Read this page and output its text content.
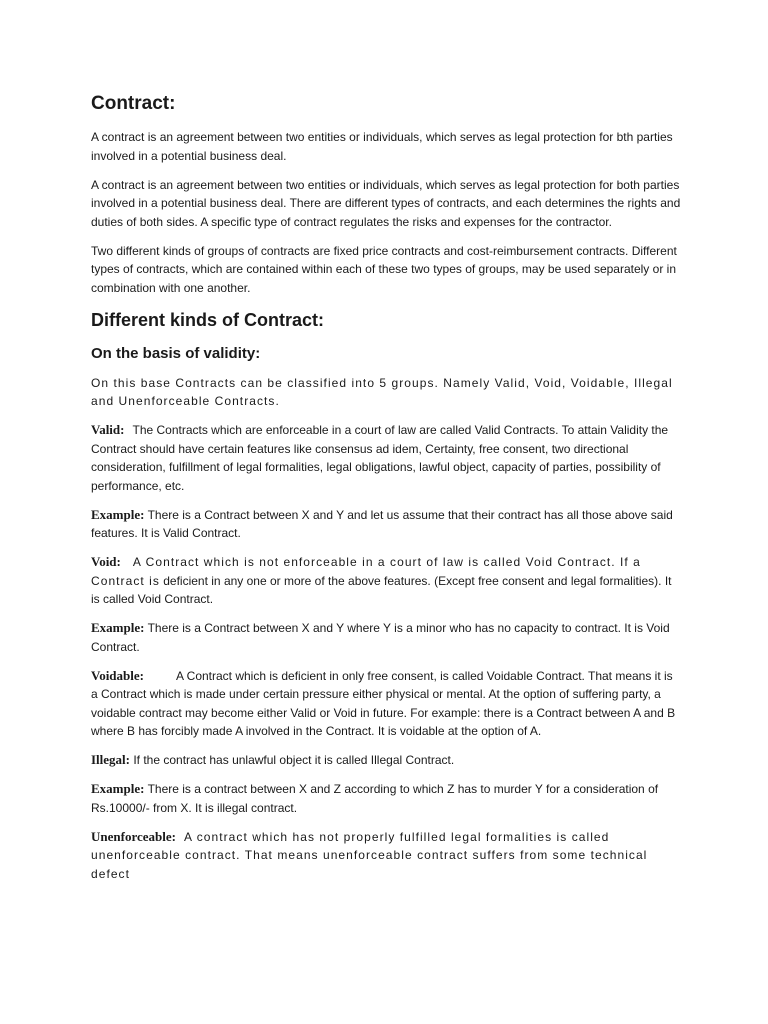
Contract:

A contract is an agreement between two entities or individuals, which serves as legal protection for bth parties involved in a potential business deal.

A contract is an agreement between two entities or individuals, which serves as legal protection for both parties involved in a potential business deal. There are different types of contracts, and each determines the rights and duties of both sides. A specific type of contract regulates the risks and expenses for the contractor.

Two different kinds of groups of contracts are fixed price contracts and cost-reimbursement contracts. Different types of contracts, which are contained within each of these two types of groups, may be used separately or in combination with one another.

Different kinds of Contract:
On the basis of validity:

On this base Contracts can be classified into 5 groups. Namely Valid, Void, Voidable, Illegal and Unenforceable Contracts.

Valid: The Contracts which are enforceable in a court of law are called Valid Contracts. To attain Validity the Contract should have certain features like consensus ad idem, Certainty, free consent, two directional consideration, fulfillment of legal formalities, legal obligations, lawful object, capacity of parties, possibility of performance, etc.

Example: There is a Contract between X and Y and let us assume that their contract has all those above said features. It is Valid Contract.

Void: A Contract which is not enforceable in a court of law is called Void Contract. If a Contract is deficient in any one or more of the above features. (Except free consent and legal formalities). It is called Void Contract.

Example: There is a Contract between X and Y where Y is a minor who has no capacity to contract. It is Void Contract.

Voidable:	A Contract which is deficient in only free consent, is called Voidable Contract. That means it is a Contract which is made under certain pressure either physical or mental. At the option of suffering party, a voidable contract may become either Valid or Void in future. For example: there is a Contract between A and B where B has forcibly made A involved in the Contract. It is voidable at the option of A.

Illegal: If the contract has unlawful object it is called Illegal Contract.

Example: There is a contract between X and Z according to which Z has to murder Y for a consideration of Rs.10000/- from X. It is illegal contract.

Unenforceable: A contract which has not properly fulfilled legal formalities is called unenforceable contract. That means unenforceable contract suffers from some technical defect
